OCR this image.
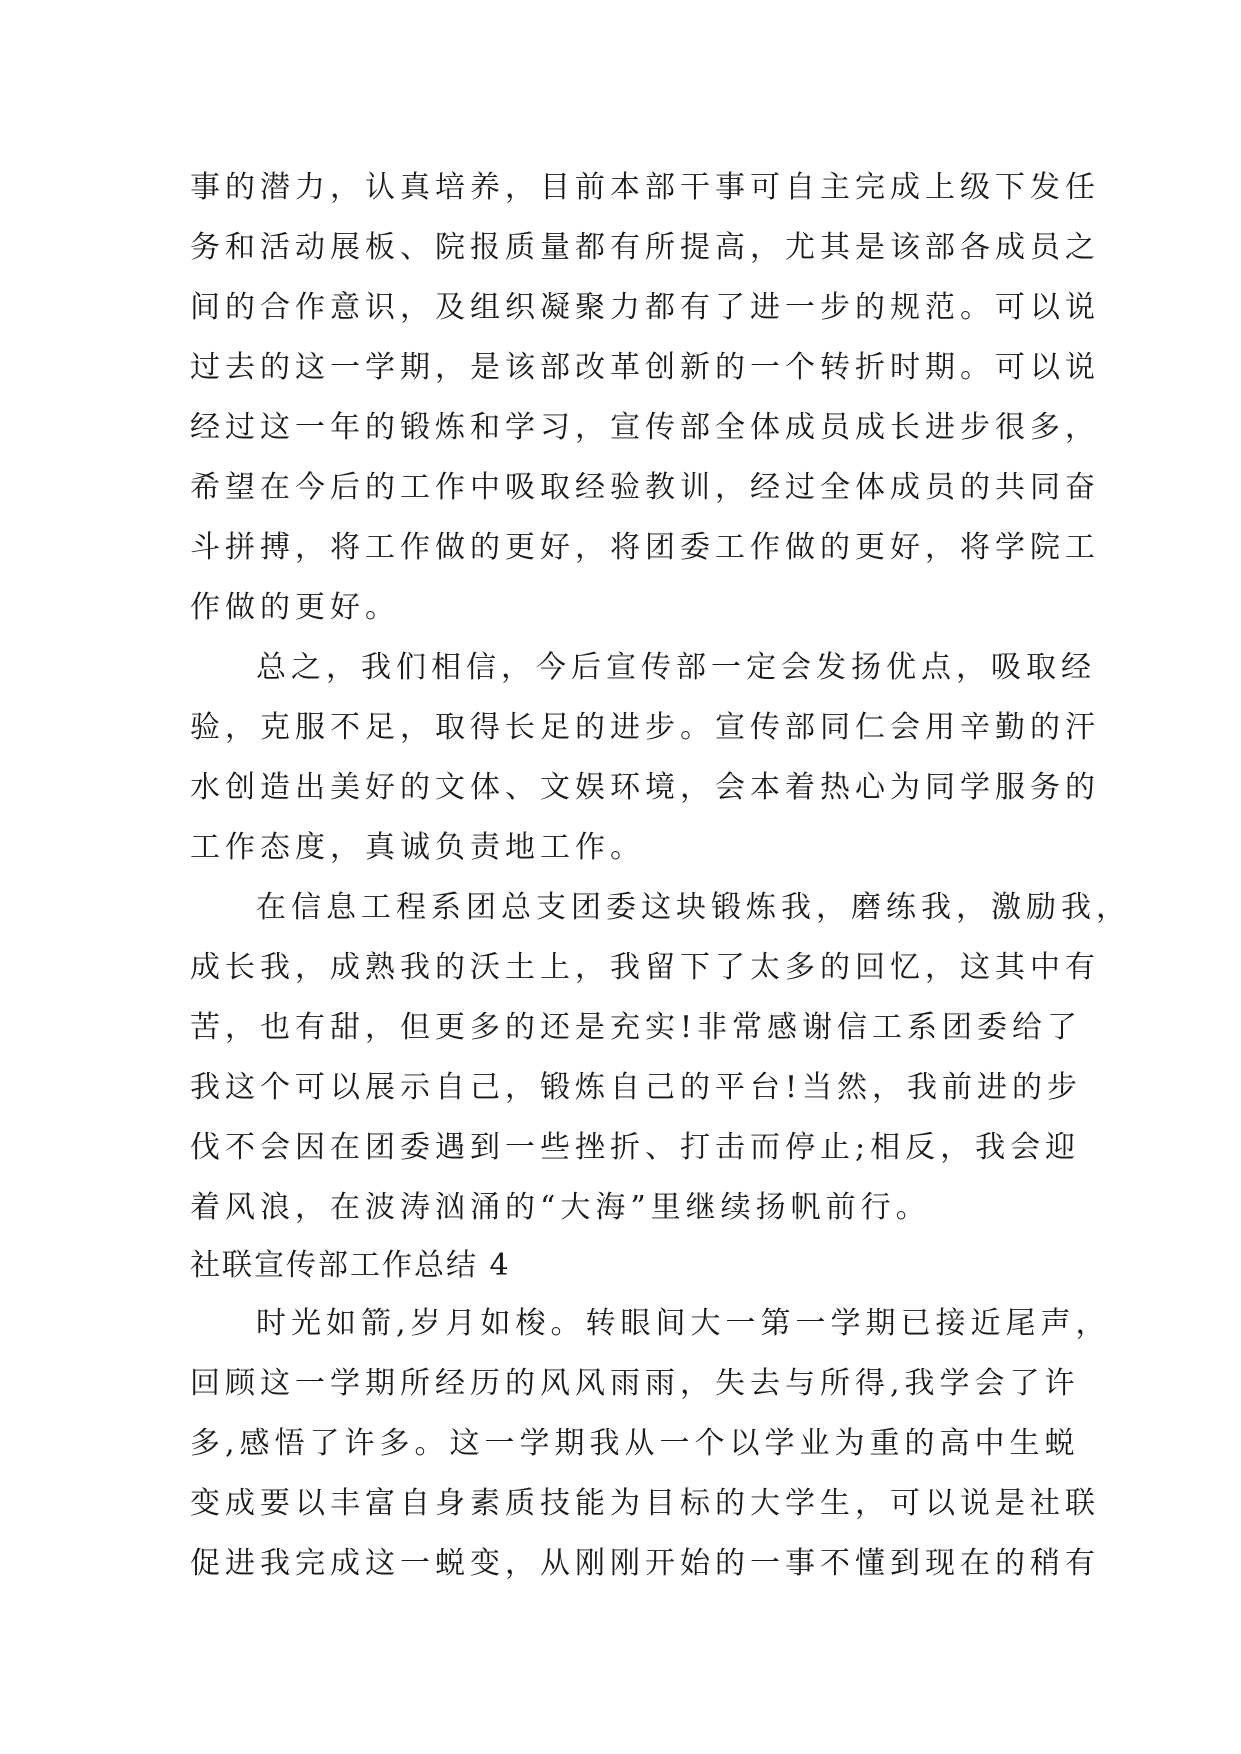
事的潜力，认真培养，目前本部干事可自主完成上级下发任
务和活动展板、院报质量都有所提高，尤其是该部各成员之
间的合作意识，及组织凝聚力都有了进一步的规范。可以说
过去的这一学期，是该部改革创新的一个转折时期。可以说
经过这一年的锻炼和学习，宣传部全体成员成长进步很多，
希望在今后的工作中吸取经验教训，经过全体成员的共同奋
斗拼搏，将工作做的更好，将团委工作做的更好，将学院工
作做的更好。
总之，我们相信，今后宣传部一定会发扬优点，吸取经
验，克服不足，取得长足的进步。宣传部同仁会用辛勤的汗
水创造出美好的文体、文娱环境，会本着热心为同学服务的
工作态度，真诚负责地工作。
在信息工程系团总支团委这块锻炼我，磨练我，激励我，
成长我，成熟我的沃土上，我留下了太多的回忆，这其中有
苦，也有甜，但更多的还是充实!非常感谢信工系团委给了
我这个可以展示自己，锻炼自己的平台!当然，我前进的步
伐不会因在团委遇到一些挫折、打击而停止;相反，我会迎
着风浪，在波涛汹涌的“大海”里继续扬帆前行。
社联宣传部工作总结 4
时光如箭,岁月如梭。转眼间大一第一学期已接近尾声，
回顾这一学期所经历的风风雨雨，失去与所得,我学会了许
多,感悟了许多。这一学期我从一个以学业为重的高中生蜕
变成要以丰富自身素质技能为目标的大学生，可以说是社联
促进我完成这一蜕变，从刚刚开始的一事不懂到现在的稍有
